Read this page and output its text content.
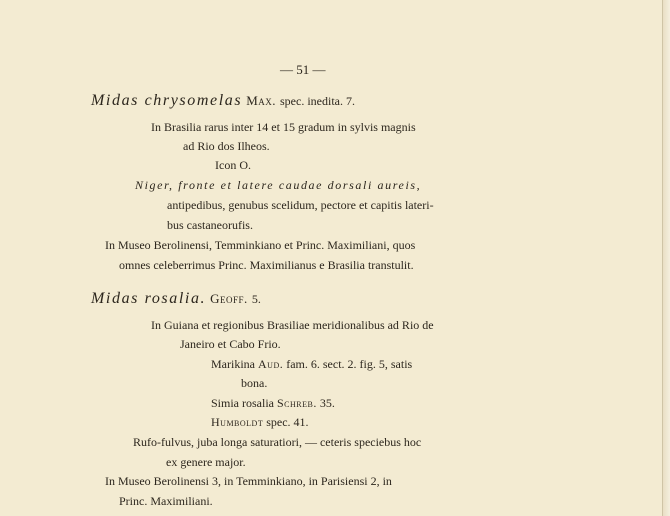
— 51 —
Midas chrysomelas Max. spec. inedita. 7.
In Brasilia rarus inter 14 et 15 gradum in sylvis magnis
ad Rio dos Ilheos.
Icon O.
Niger, fronte et latere caudae dorsali aureis,
antipedibus, genubus scelidum, pectore et capitis lateri-
bus castaneorufis.
In Museo Berolinensi, Temminkiano et Princ. Maximiliani, quos
omnes celeberrimus Princ. Maximilianus e Brasilia transtulit.
Midas rosalia. Geoff. 5.
In Guiana et regionibus Brasiliae meridionalibus ad Rio de
Janeiro et Cabo Frio.
Marikina Aud. fam. 6. sect. 2. fig. 5, satis
bona.
Simia rosalia Schreb. 35.
Humboldt spec. 41.
Rufo-fulvus, juba longa saturatiori, — ceteris speciebus hoc
ex genere major.
In Museo Berolinensi 3, in Temminkiano, in Parisiensi 2, in
Princ. Maximiliani.
